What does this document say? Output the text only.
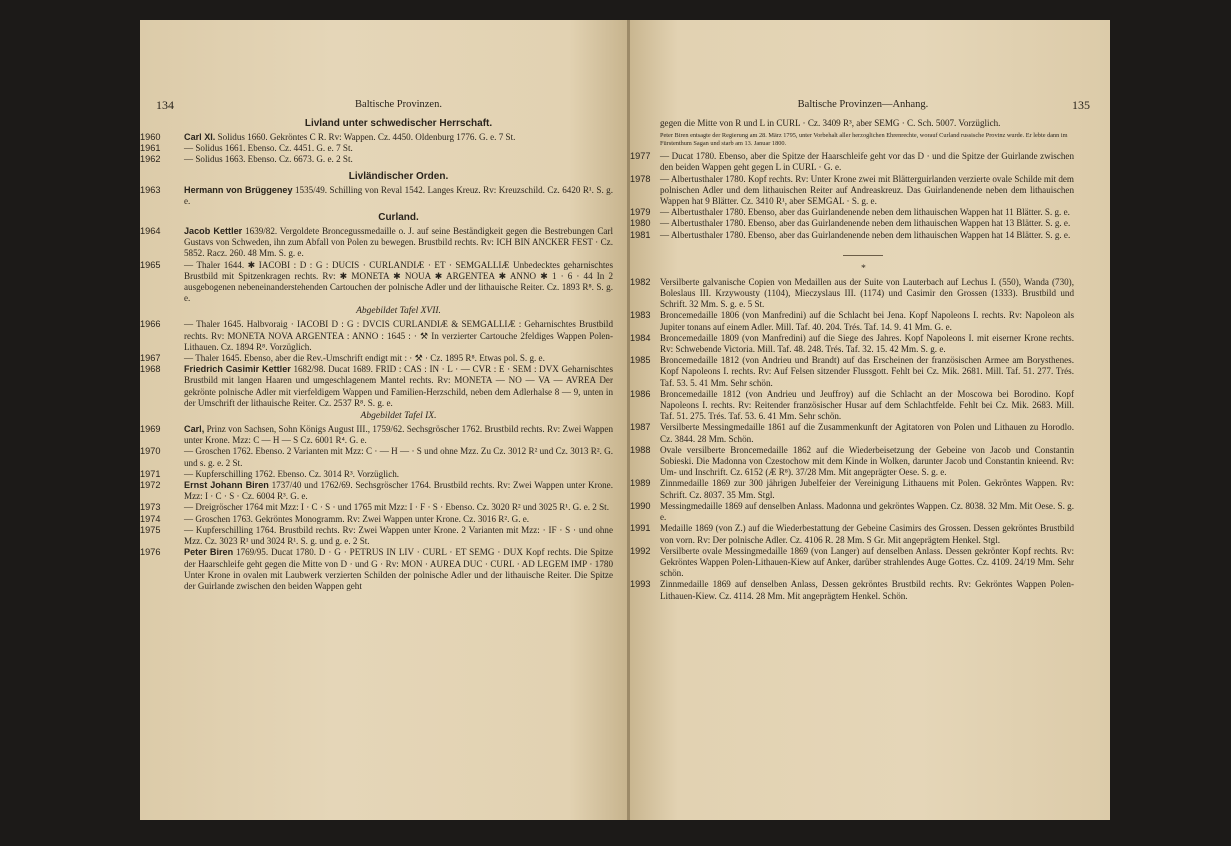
134	Baltische Provinzen.
Livland unter schwedischer Herrschaft.
1960	Carl XI. Solidus 1660. Gekröntes C R. Rv: Wappen. Cz. 4450. Oldenburg 1776. G. e. 7 St.
1961	— Solidus 1661. Ebenso. Cz. 4451. G. e. 7 St.
1962	— Solidus 1663. Ebenso. Cz. 6673. G. e. 2 St.
Livländischer Orden.
1963	Hermann von Brüggeney 1535/49. Schilling von Reval 1542. Langes Kreuz. Rv: Kreuzschild. Cz. 6420 R¹. S. g. e.
Curland.
1964	Jacob Kettler 1639/82. Vergoldete Broncegussmedaille o. J. auf seine Beständigkeit gegen die Bestrebungen Carl Gustavs von Schweden, ihn zum Abfall von Polen zu bewegen. Brustbild rechts. Rv: ICH BIN ANCKER FEST · Cz. 5852. Racz. 260. 48 Mm. S. g. e.
1965	— Thaler 1644. ✱ IACOBI : D : G : DUCIS · CURLANDIÆ · ET · SEMGALLIÆ Unbedecktes geharnischtes Brustbild mit Spitzenkragen rechts. Rv: ✱ MONETA ✱ NOUA ✱ ARGENTEA ✱ ANNO ✱ 1 · 6 · 44 In 2 ausgebogenen nebeneinanderstehenden Cartouchen der polnische Adler und der lithauische Reiter. Cz. 1893 R⁸. S. g. e.
Abgebildet Tafel XVII.
1966	— Thaler 1645. Halbvoraig · IACOBI D : G : DVCIS CURLANDIÆ & SEMGALLIÆ : Geharnischtes Brustbild rechts. Rv: MONETA NOVA ARGENTEA : ANNO : 1645 : · ⚒ In verzierter Cartouche 2feldiges Wappen Polen-Lithauen. Cz. 1894 R⁸. Vorzüglich.
1967	— Thaler 1645. Ebenso, aber die Rev.-Umschrift endigt mit : · ⚒ · Cz. 1895 R⁸. Etwas pol. S. g. e.
1968	Friedrich Casimir Kettler 1682/98. Ducat 1689. FRID : CAS : IN · L · — CVR : E · SEM : DVX Geharnischtes Brustbild mit langen Haaren und umgeschlagenem Mantel rechts. Rv: MONETA — NO — VA — AVREA Der gekrönte polnische Adler mit vierfeldigem Wappen und Familien-Herzschild, neben dem Adlerhalse 8 — 9, unten in der Umschrift der lithauische Reiter. Cz. 2537 R⁸. S. g. e.
Abgebildet Tafel IX.
1969	Carl, Prinz von Sachsen, Sohn Königs August III., 1759/62. Sechsgröscher 1762. Brustbild rechts. Rv: Zwei Wappen unter Krone. Mzz: C — H — S Cz. 6001 R⁴. G. e.
1970	— Groschen 1762. Ebenso. 2 Varianten mit Mzz: C · — H — · S und ohne Mzz. Zu Cz. 3012 R² und Cz. 3013 R². G. und s. g. e. 2 St.
1971	— Kupferschilling 1762. Ebenso. Cz. 3014 R³. Vorzüglich.
1972	Ernst Johann Biren 1737/40 und 1762/69. Sechsgröscher 1764. Brustbild rechts. Rv: Zwei Wappen unter Krone. Mzz: I · C · S · Cz. 6004 R³. G. e.
1973	— Dreigröscher 1764 mit Mzz: I · C · S · und 1765 mit Mzz: I · F · S · Ebenso. Cz. 3020 R² und 3025 R¹. G. e. 2 St.
1974	— Groschen 1763. Gekröntes Monogramm. Rv: Zwei Wappen unter Krone. Cz. 3016 R². G. e.
1975	— Kupferschilling 1764. Brustbild rechts. Rv: Zwei Wappen unter Krone. 2 Varianten mit Mzz: · IF · S · und ohne Mzz. Cz. 3023 R¹ und 3024 R¹. S. g. und g. e. 2 St.
1976	Peter Biren 1769/95. Ducat 1780. D · G · PETRUS IN LIV · CURL · ET SEMG · DUX Kopf rechts. Die Spitze der Haarschleife geht gegen die Mitte von D · und G · Rv: MON · AUREA DUC · CURL · AD LEGEM IMP · 1780 Unter Krone in ovalen mit Laubwerk verzierten Schilden der polnische Adler und der lithauische Reiter. Die Spitze der Guirlande zwischen den beiden Wappen geht
Baltische Provinzen—Anhang.	135
gegen die Mitte von R und L in CURL · Cz. 3409 R³, aber SEMG · C. Sch. 5007. Vorzüglich.
Peter Biren entsagte der Regierung am 28. März 1795, unter Vorbehalt aller herzoglichen Ehrenrechte, worauf Curland russische Provinz wurde. Er lebte dann im Fürstenthum Sagan und starb am 13. Januar 1800.
1977	— Ducat 1780. Ebenso, aber die Spitze der Haarschleife geht vor das D · und die Spitze der Guirlande zwischen den beiden Wappen geht gegen L in CURL · G. e.
1978	— Albertusthaler 1780. Kopf rechts. Rv: Unter Krone zwei mit Blätterguirlanden verzierte ovale Schilde mit dem polnischen Adler und dem lithauischen Reiter auf Andreaskreuz. Das Guirlandenende neben dem lithauischen Wappen hat 9 Blätter. Cz. 3410 R¹, aber SEMGAL · S. g. e.
1979	— Albertusthaler 1780. Ebenso, aber das Guirlandenende neben dem lithauischen Wappen hat 11 Blätter. S. g. e.
1980	— Albertusthaler 1780. Ebenso, aber das Guirlandenende neben dem lithauischen Wappen hat 13 Blätter. S. g. e.
1981	— Albertusthaler 1780. Ebenso, aber das Guirlandenende neben dem lithauischen Wappen hat 14 Blätter. S. g. e.
*
1982	Versilberte galvanische Copien von Medaillen aus der Suite von Lauterbach auf Lechus I. (550), Wanda (730), Boleslaus III. Krzywousty (1104), Mieczyslaus III. (1174) und Casimir den Grossen (1333). Brustbild und Schrift. 32 Mm. S. g. e. 5 St.
1983	Broncemedaille 1806 (von Manfredini) auf die Schlacht bei Jena. Kopf Napoleons I. rechts. Rv: Napoleon als Jupiter tonans auf einem Adler. Mill. Taf. 40. 204. Trés. Taf. 14. 9. 41 Mm. G. e.
1984	Broncemedaille 1809 (von Manfredini) auf die Siege des Jahres. Kopf Napoleons I. mit eiserner Krone rechts. Rv: Schwebende Victoria. Mill. Taf. 48. 248. Trés. Taf. 32. 15. 42 Mm. S. g. e.
1985	Broncemedaille 1812 (von Andrieu und Brandt) auf das Erscheinen der französischen Armee am Borysthenes. Kopf Napoleons I. rechts. Rv: Auf Felsen sitzender Flussgott. Fehlt bei Cz. Mik. 2681. Mill. Taf. 51. 277. Trés. Taf. 53. 5. 41 Mm. Sehr schön.
1986	Broncemedaille 1812 (von Andrieu und Jeuffroy) auf die Schlacht an der Moscowa bei Borodino. Kopf Napoleons I. rechts. Rv: Reitender französischer Husar auf dem Schlachtfelde. Fehlt bei Cz. Mik. 2683. Mill. Taf. 51. 275. Trés. Taf. 53. 6. 41 Mm. Sehr schön.
1987	Versilberte Messingmedaille 1861 auf die Zusammenkunft der Agitatoren von Polen und Lithauen zu Horodlo. Cz. 3844. 28 Mm. Schön.
1988	Ovale versilberte Broncemedaille 1862 auf die Wiederbeisetzung der Gebeine von Jacob und Constantin Sobieski. Die Madonna von Czestochow mit dem Kinde in Wolken, darunter Jacob und Constantin knieend. Rv: Um- und Inschrift. Cz. 6152 (Æ R⁸). 37/28 Mm. Mit angeprägter Oese. S. g. e.
1989	Zinnmedaille 1869 zur 300 jährigen Jubelfeier der Vereinigung Lithauens mit Polen. Gekröntes Wappen. Rv: Schrift. Cz. 8037. 35 Mm. Stgl.
1990	Messingmedaille 1869 auf denselben Anlass. Madonna und gekröntes Wappen. Cz. 8038. 32 Mm. Mit Oese. S. g. e.
1991	Medaille 1869 (von Z.) auf die Wiederbestattung der Gebeine Casimirs des Grossen. Dessen gekröntes Brustbild von vorn. Rv: Der polnische Adler. Cz. 4106 R. 28 Mm. S Gr. Mit angeprägtem Henkel. Stgl.
1992	Versilberte ovale Messingmedaille 1869 (von Langer) auf denselben Anlass. Dessen gekrönter Kopf rechts. Rv: Gekröntes Wappen Polen-Lithauen-Kiew auf Anker, darüber strahlendes Auge Gottes. Cz. 4109. 24/19 Mm. Sehr schön.
1993	Zinnmedaille 1869 auf denselben Anlass, Dessen gekröntes Brustbild rechts. Rv: Gekröntes Wappen Polen-Lithauen-Kiew. Cz. 4114. 28 Mm. Mit angeprägtem Henkel. Schön.
